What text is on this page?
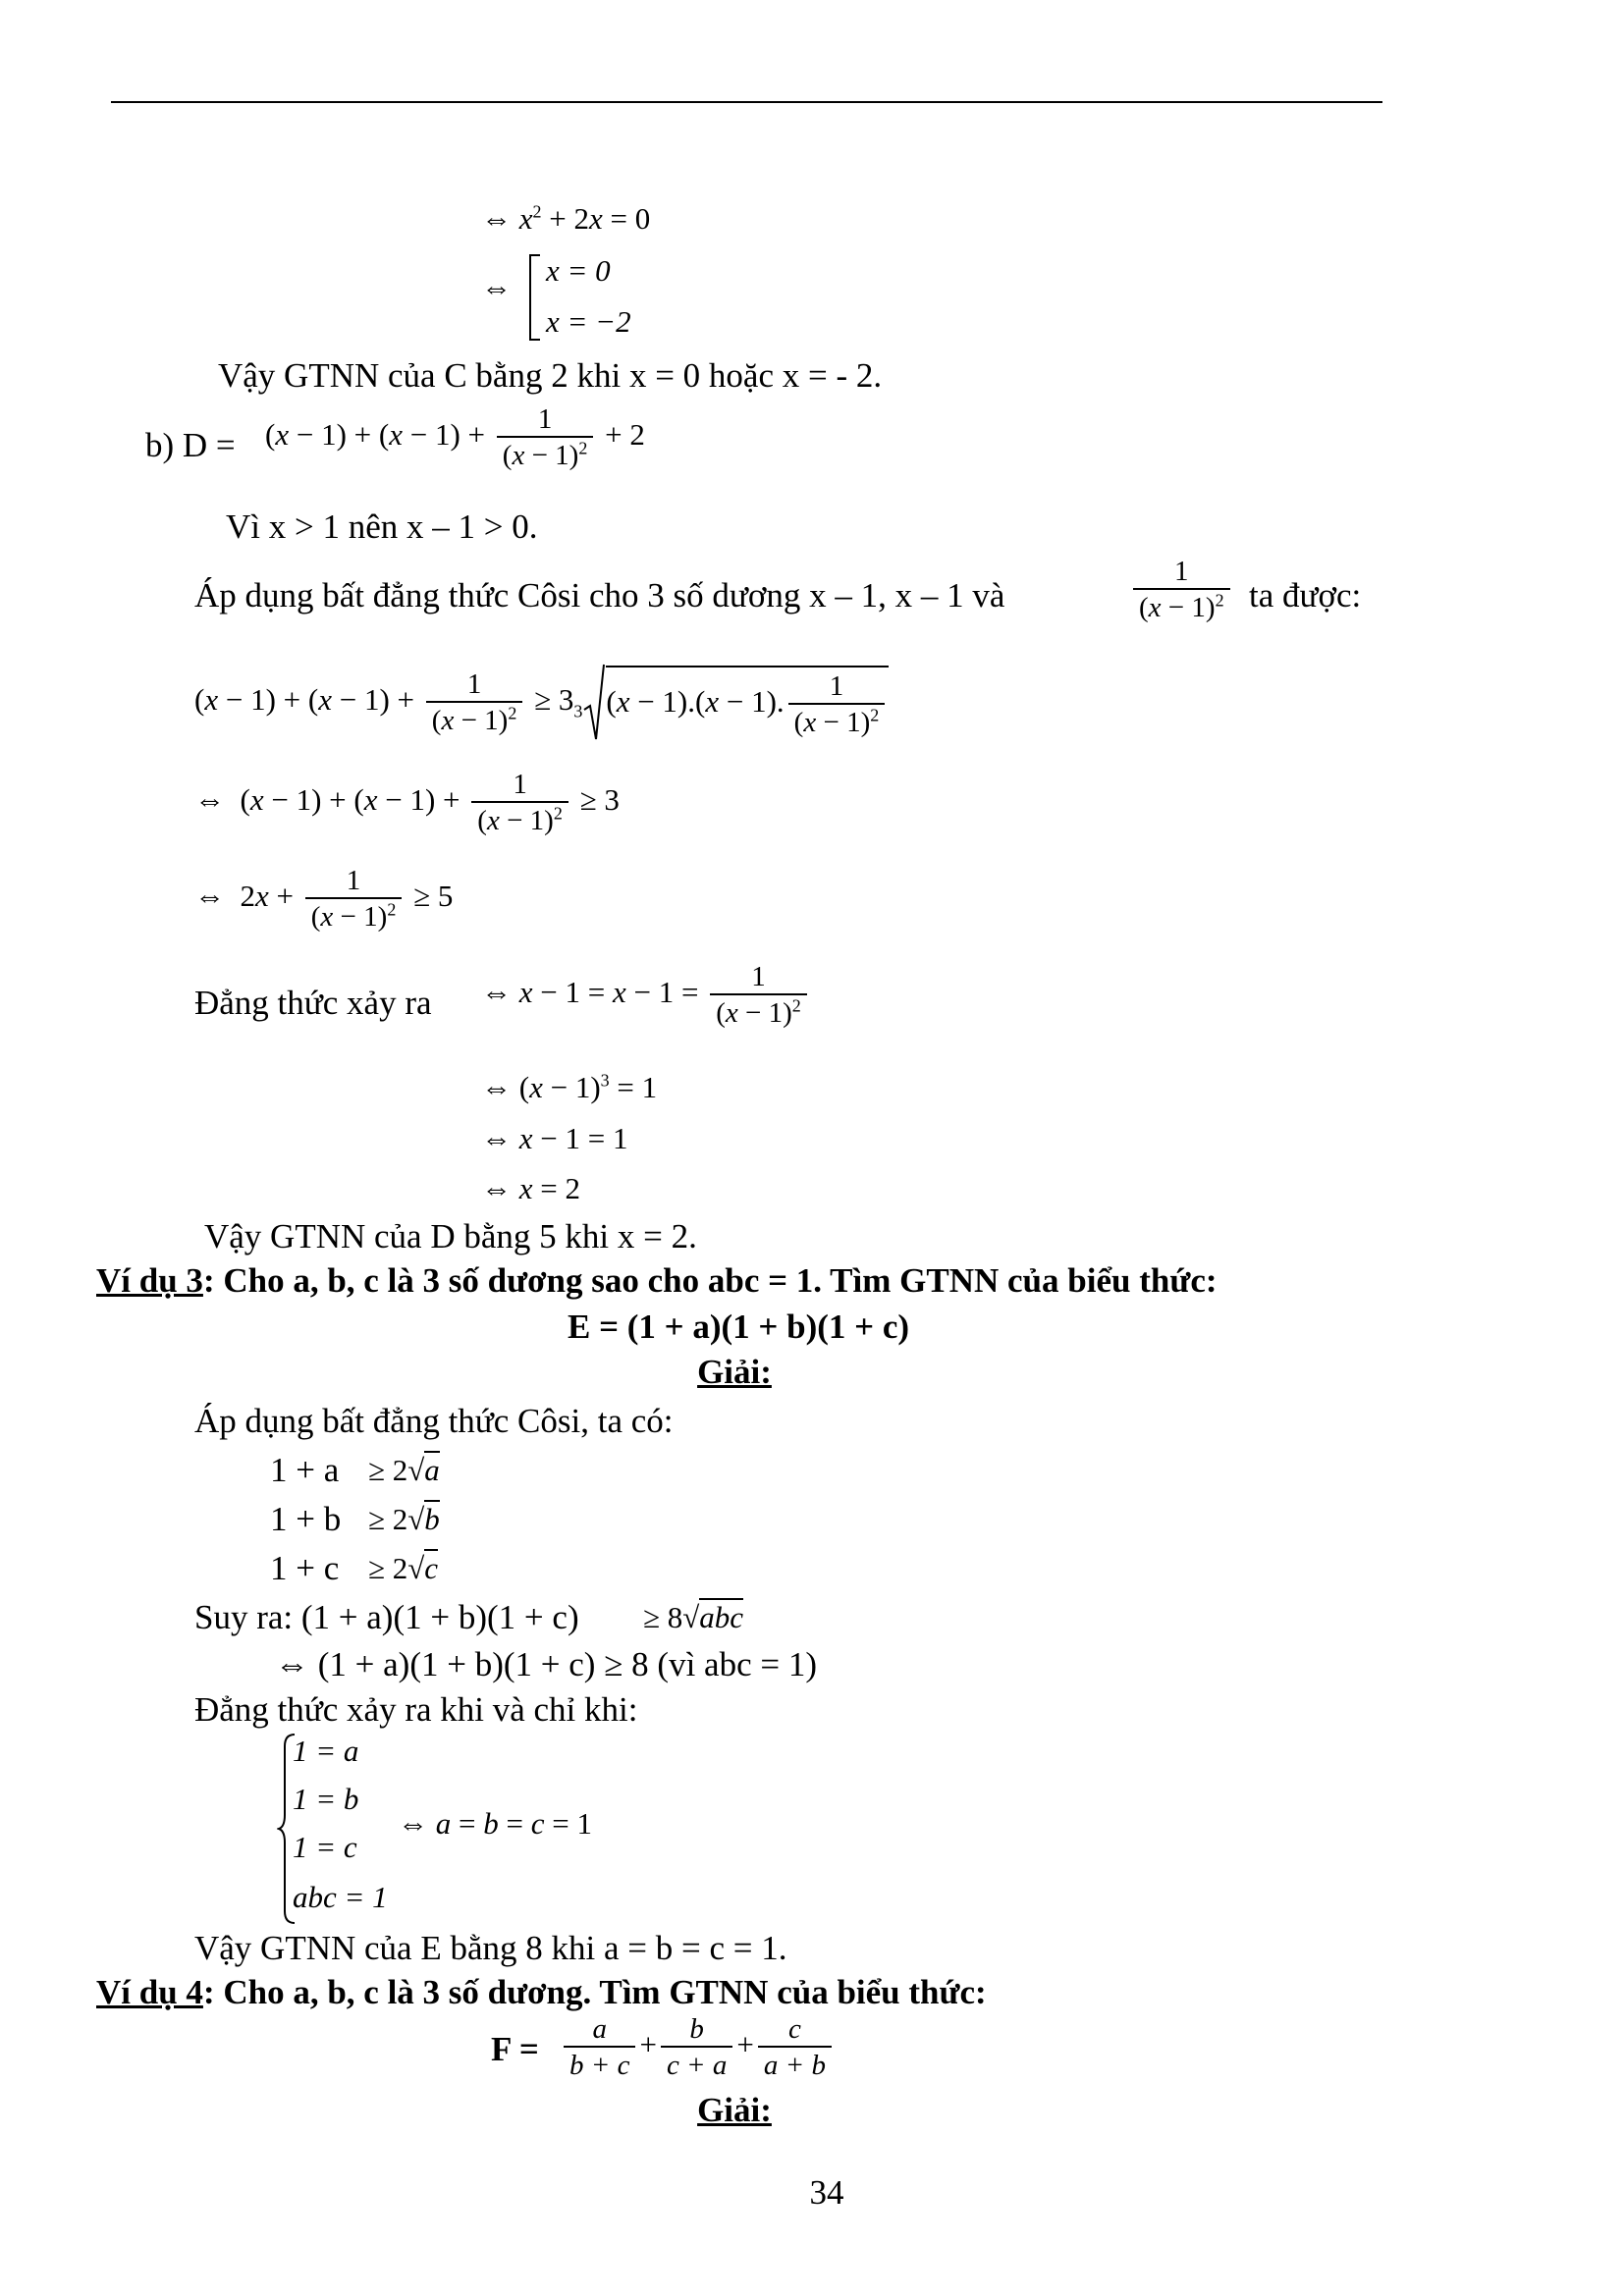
⇔ $x^2 + 2x = 0$
⇔ x = 0
x = −2
Vậy GTNN của C bằng 2 khi x = 0 hoặc x = - 2.
b) $D = (x - 1) + (x - 1) + \frac{1}{(x - 1)^2} + 2$
Vì x > 1 nên x – 1 > 0.
Áp dụng bất đẳng thức Côsi cho 3 số dương x – 1, x – 1 và	$\frac{1}{(x - 1)^2}$ ta được:
$(x - 1) + (x - 1) + \frac{1}{(x - 1)^2} \ge 3_3$ (x − 1).(x − 1). $\frac{1}{(x - 1)^2}$
⇔  $(x - 1) + (x - 1) + \frac{1}{(x - 1)^2} \ge 3$
⇔  $2x + \frac{1}{(x - 1)^2} \ge 5$
Đẳng thức xảy ra ⇔ $x - 1 = x - 1 = \frac{1}{(x - 1)^2}$
⇔ $(x - 1)^3 = 1$
⇔ x − 1 = 1
⇔ x = 2
Vậy GTNN của D bằng 5 khi x = 2.
Ví dụ 3: Cho a, b, c là 3 số dương sao cho abc = 1. Tìm GTNN của biểu thức:
E = (1 + a)(1 + b)(1 + c)
Giải:
Áp dụng bất đẳng thức Côsi, ta có:
1 + a ≥ 2√a
1 + b ≥ 2√b
1 + c ≥ 2√c
Suy ra: (1 + a)(1 + b)(1 + c) ≥ 8√abc
⇔ (1 + a)(1 + b)(1 + c) ≥ 8 (vì abc = 1)
Đẳng thức xảy ra khi và chỉ khi:
1 = a
1 = b
1 = c
abc = 1
⇔ a = b = c = 1
Vậy GTNN của E bằng 8 khi a = b = c = 1.
Ví dụ 4: Cho a, b, c là 3 số dương. Tìm GTNN của biểu thức:
$F = \frac{a}{b + c} + \frac{b}{c + a} + \frac{c}{a + b}$
Giải:
34
